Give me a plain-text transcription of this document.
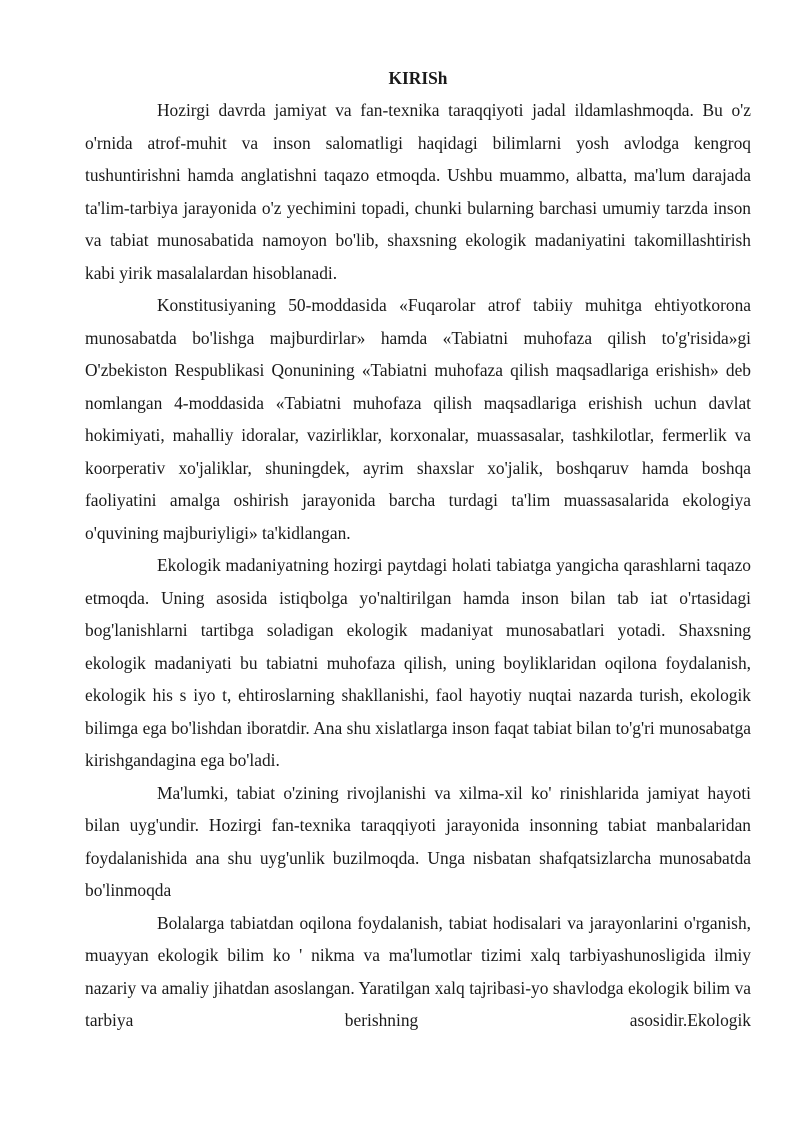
KIRISh

Hozirgi davrda jamiyat va fan-texnika taraqqiyoti jadal ildamlashmoqda. Bu o'z o'rnida atrof-muhit va inson salomatligi haqidagi bilimlarni yosh avlodga kengroq tushuntirishni hamda anglatishni taqazo etmoqda. Ushbu muammo, albatta, ma'lum darajada ta'lim-tarbiya jarayonida o'z yechimini topadi, chunki bularning barchasi umumiy tarzda inson va tabiat munosabatida namoyon bo'lib, shaxsning ekologik madaniyatini takomillashtirish kabi yirik masalalardan hisoblanadi.

Konstitusiyaning 50-moddasida «Fuqarolar atrof tabiiy muhitga ehtiyotkorona munosabatda bo'lishga majburdirlar» hamda «Tabiatni muhofaza qilish to'g'risida»gi O'zbekiston Respublikasi Qonunining «Tabiatni muhofaza qilish maqsadlariga erishish» deb nomlangan 4-moddasida «Tabiatni muhofaza qilish maqsadlariga erishish uchun davlat hokimiyati, mahalliy idoralar, vazirliklar, korxonalar, muassasalar, tashkilotlar, fermerlik va koorperativ xo'jaliklar, shuningdek, ayrim shaxslar xo'jalik, boshqaruv hamda boshqa faoliyatini amalga oshirish jarayonida barcha turdagi ta'lim muassasalarida ekologiya o'quvining majburiyligi» ta'kidlangan.

Ekologik madaniyatning hozirgi paytdagi holati tabiatga yangicha qarashlarni taqazo etmoqda. Uning asosida istiqbolga yo'naltirilgan hamda inson bilan tab iat o'rtasidagi bog'lanishlarni tartibga soladigan ekologik madaniyat munosabatlari yotadi. Shaxsning ekologik madaniyati bu tabiatni muhofaza qilish, uning boyliklaridan oqilona foydalanish, ekologik his s iyo t, ehtiroslarning shakllanishi, faol hayotiy nuqtai nazarda turish, ekologik bilimga ega bo'lishdan iboratdir. Ana shu xislatlarga inson faqat tabiat bilan to'g'ri munosabatga kirishgandagina ega bo'ladi.

Ma'lumki, tabiat o'zining rivojlanishi va xilma-xil ko' rinishlarida jamiyat hayoti bilan uyg'undir. Hozirgi fan-texnika taraqqiyoti jarayonida insonning tabiat manbalaridan foydalanishida ana shu uyg'unlik buzilmoqda. Unga nisbatan shafqatsizlarcha munosabatda bo'linmoqda

Bolalarga tabiatdan oqilona foydalanish, tabiat hodisalari va jarayonlarini o'rganish, muayyan ekologik bilim ko ' nikma va ma'lumotlar tizimi xalq tarbiyashunosligida ilmiy nazariy va amaliy jihatdan asoslangan. Yaratilgan xalq tajribasi-yo shavlodga ekologik bilim va tarbiya berishning asosidir.Ekologik
